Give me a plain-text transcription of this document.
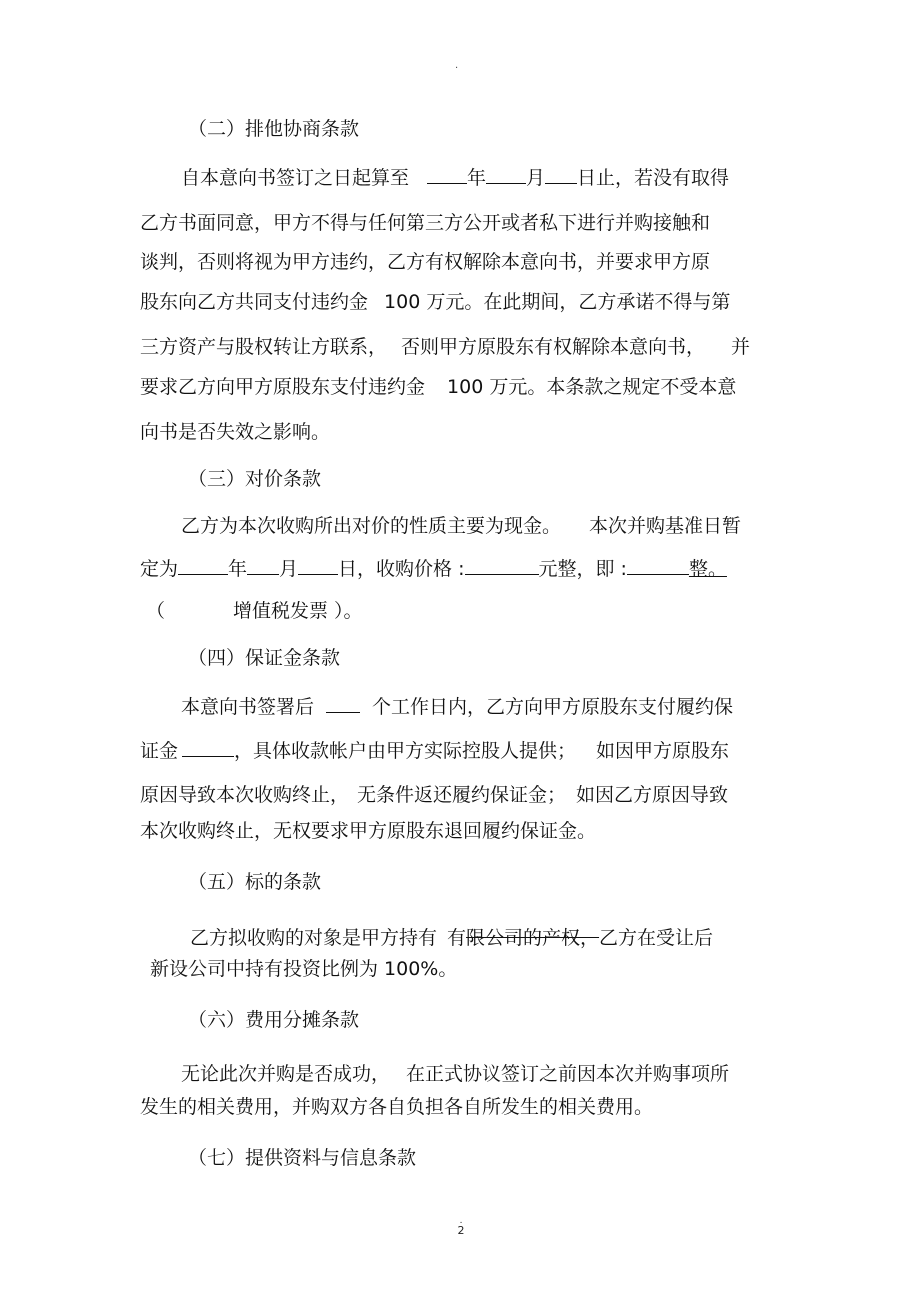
.
（二）排他协商条款
自本意向书签订之日起算至	年 月 日止，若没有取得
乙方书面同意，甲方不得与任何第三方公开或者私下进行并购接触和
谈判，否则将视为甲方违约，乙方有权解除本意向书，并要求甲方原
股东向乙方共同支付违约金 100 万元。在此期间，乙方承诺不得与第
三方资产与股权转让方联系， 否则甲方原股东有权解除本意向书， 并
要求乙方向甲方原股东支付违约金 100 万元。本条款之规定不受本意
向书是否失效之影响。
（三）对价条款
乙方为本次收购所出对价的性质主要为现金。 本次并购基准日暂
定为	年 月 日，收购价格 :	元整，即 :	整。
（	增值税发票 ）。
（四）保证金条款
本意向书签署后	个工作日内，乙方向甲方原股东支付履约保
证金	，具体收款帐户由甲方实际控股人提供； 如因甲方原股东
原因导致本次收购终止， 无条件返还履约保证金； 如因乙方原因导致
本次收购终止，无权要求甲方原股东退回履约保证金。
（五）标的条款
乙方拟收购的对象是甲方持有 有限公司的产权，乙方在受让后
新设公司中持有投资比例为 100%。
（六）费用分摊条款
无论此次并购是否成功， 在正式协议签订之前因本次并购事项所
发生的相关费用，并购双方各自负担各自所发生的相关费用。
（七）提供资料与信息条款
.
2
